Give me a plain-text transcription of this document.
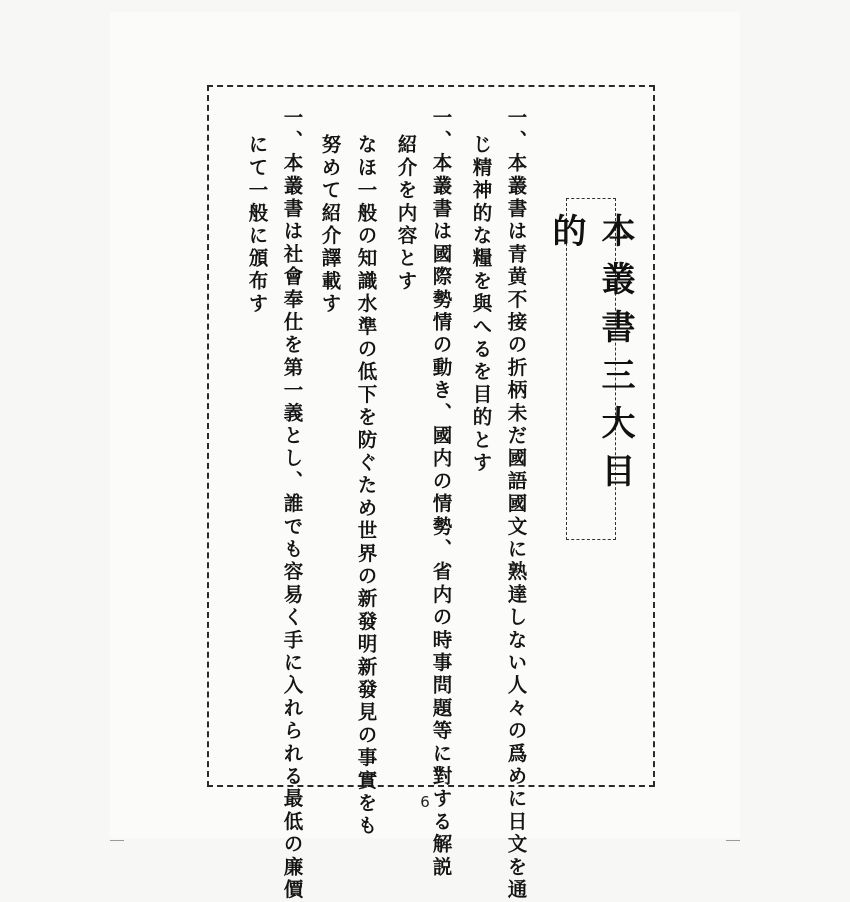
本叢書三大目的
一、本叢書は青黄不接の折柄未だ國語國文に熟達しない人々の爲めに日文を通
じ精神的な糧を與へるを目的とす
一、本叢書は國際勢情の動き、國内の情勢、省内の時事問題等に對する解説
紹介を内容とす
なほ一般の知識水準の低下を防ぐため世界の新發明新發見の事實をも
努めて紹介譯載す
一、本叢書は社會奉仕を第一義とし、誰でも容易く手に入れられる最低の廉價
にて一般に頒布す
6
